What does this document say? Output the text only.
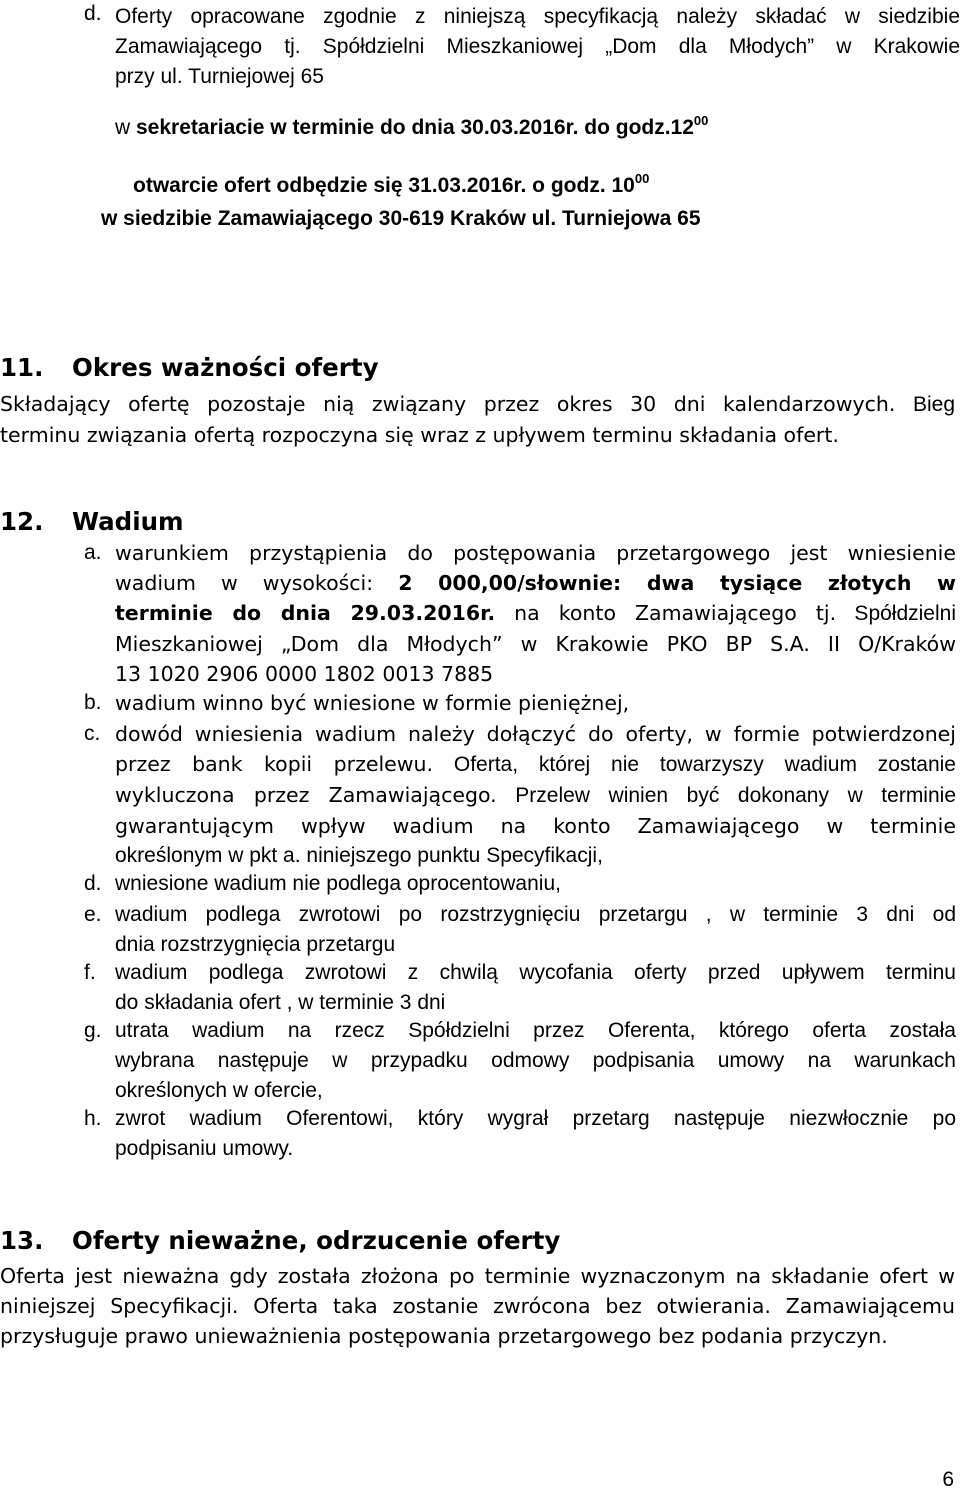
d. Oferty opracowane zgodnie z niniejszą specyfikacją należy składać w siedzibie
Zamawiającego tj. Spółdzielni Mieszkaniowej „Dom dla Młodych” w Krakowie
przy ul. Turniejowej 65
w sekretariacie w terminie do dnia 30.03.2016r. do $godz.12^{00}$
otwarcie ofert odbędzie się 31.03.2016r. o godz. $10^{00}$
w siedzibie Zamawiającego 30-619 Kraków ul. Turniejowa 65
11. Okres ważności oferty
Składający ofertę pozostaje nią związany przez okres 30 dni kalendarzowych. Bieg
terminu związania ofertą rozpoczyna się wraz z upływem terminu składania ofert.
12. Wadium
a. warunkiem przystąpienia do postępowania przetargowego jest wniesienie
wadium w wysokości: 2 000,00/słownie: dwa tysiące złotych w
terminie do dnia 29.03.2016r. na konto Zamawiającego tj. Spółdzielni
Mieszkaniowej „Dom dla Młodych” w Krakowie PKO BP S.A. II O/Kraków
13 1020 2906 0000 1802 0013 7885
b. wadium winno być wniesione w formie pieniężnej,
c. dowód wniesienia wadium należy dołączyć do oferty, w formie potwierdzonej
przez bank kopii przelewu. Oferta, której nie towarzyszy wadium zostanie
wykluczona przez Zamawiającego. Przelew winien być dokonany w terminie
gwarantującym wpływ wadium na konto Zamawiającego w terminie
określonym w pkt a. niniejszego punktu Specyfikacji,
d. wniesione wadium nie podlega oprocentowaniu,
e. wadium podlega zwrotowi po rozstrzygnięciu przetargu , w terminie 3 dni od
dnia rozstrzygnięcia przetargu
f. wadium podlega zwrotowi z chwilą wycofania oferty przed upływem terminu
do składania ofert , w terminie 3 dni
g. utrata wadium na rzecz Spółdzielni przez Oferenta, którego oferta została
wybrana następuje w przypadku odmowy podpisania umowy na warunkach
określonych w ofercie,
h. zwrot wadium Oferentowi, który wygrał przetarg następuje niezwłocznie po
podpisaniu umowy.
13. Oferty nieważne, odrzucenie oferty
Oferta jest nieważna gdy została złożona po terminie wyznaczonym na składanie ofert w
niniejszej Specyfikacji. Oferta taka zostanie zwrócona bez otwierania. Zamawiającemu
przysługuje prawo unieważnienia postępowania przetargowego bez podania przyczyn.
6
